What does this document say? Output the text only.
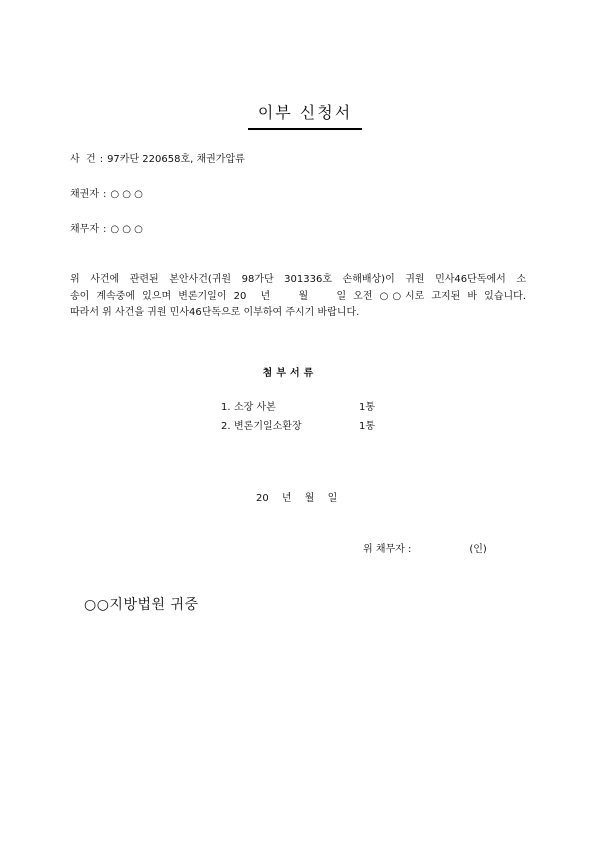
이부 신청서
사  건 : 97카단 220658호, 채권가압류
채권자 : ○ ○ ○
채무자 : ○ ○ ○
위 사건에 관련된 본안사건(귀원 98가단 301336호 손해배상)이 귀원 민사46단독에서 소
송이 계속중에 있으며 변론기일이 20  년    월    일 오전 ○○시로 고지된 바 있습니다.
따라서 위 사건을 귀원 민사46단독으로 이부하여 주시기 바랍니다.
첨부서류
1. 소장 사본	1통
2. 변론기일소환장	1통
20 년 월 일
위 채무자 :	(인)
○○지방법원 귀중
